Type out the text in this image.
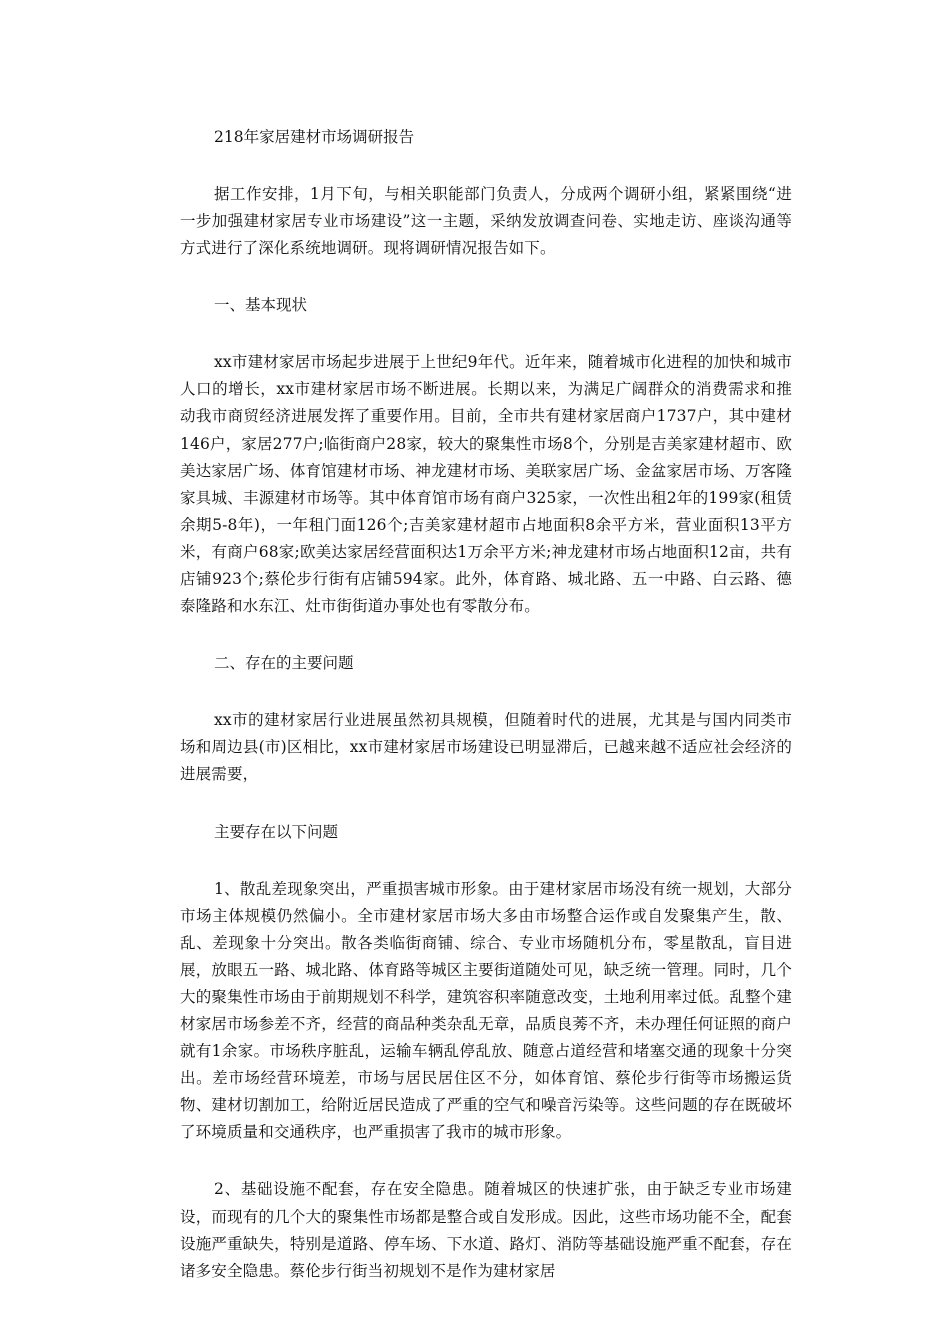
218年家居建材市场调研报告

据工作安排，1月下旬，与相关职能部门负责人，分成两个调研小组，紧紧围绕“进一步加强建材家居专业市场建设”这一主题，采纳发放调查问卷、实地走访、座谈沟通等方式进行了深化系统地调研。现将调研情况报告如下。

一、基本现状

xx市建材家居市场起步进展于上世纪9年代。近年来，随着城市化进程的加快和城市人口的增长，xx市建材家居市场不断进展。长期以来，为满足广阔群众的消费需求和推动我市商贸经济进展发挥了重要作用。目前，全市共有建材家居商户1737户，其中建材146户，家居277户;临街商户28家，较大的聚集性市场8个，分别是吉美家建材超市、欧美达家居广场、体育馆建材市场、神龙建材市场、美联家居广场、金盆家居市场、万客隆家具城、丰源建材市场等。其中体育馆市场有商户325家，一次性出租2年的199家(租赁余期5-8年)，一年租门面126个;吉美家建材超市占地面积8余平方米，营业面积13平方米，有商户68家;欧美达家居经营面积达1万余平方米;神龙建材市场占地面积12亩，共有店铺923个;蔡伦步行街有店铺594家。此外，体育路、城北路、五一中路、白云路、德泰隆路和水东江、灶市街街道办事处也有零散分布。

二、存在的主要问题

xx市的建材家居行业进展虽然初具规模，但随着时代的进展，尤其是与国内同类市场和周边县(市)区相比，xx市建材家居市场建设已明显滞后，已越来越不适应社会经济的进展需要，

主要存在以下问题

1、散乱差现象突出，严重损害城市形象。由于建材家居市场没有统一规划，大部分市场主体规模仍然偏小。全市建材家居市场大多由市场整合运作或自发聚集产生，散、乱、差现象十分突出。散各类临街商铺、综合、专业市场随机分布，零星散乱，盲目进展，放眼五一路、城北路、体育路等城区主要街道随处可见，缺乏统一管理。同时，几个大的聚集性市场由于前期规划不科学，建筑容积率随意改变，土地利用率过低。乱整个建材家居市场参差不齐，经营的商品种类杂乱无章，品质良莠不齐，未办理任何证照的商户就有1余家。市场秩序脏乱，运输车辆乱停乱放、随意占道经营和堵塞交通的现象十分突出。差市场经营环境差，市场与居民居住区不分，如体育馆、蔡伦步行街等市场搬运货物、建材切割加工，给附近居民造成了严重的空气和噪音污染等。这些问题的存在既破坏了环境质量和交通秩序，也严重损害了我市的城市形象。

2、基础设施不配套，存在安全隐患。随着城区的快速扩张，由于缺乏专业市场建设，而现有的几个大的聚集性市场都是整合或自发形成。因此，这些市场功能不全，配套设施严重缺失，特别是道路、停车场、下水道、路灯、消防等基础设施严重不配套，存在诸多安全隐患。蔡伦步行街当初规划不是作为建材家居
